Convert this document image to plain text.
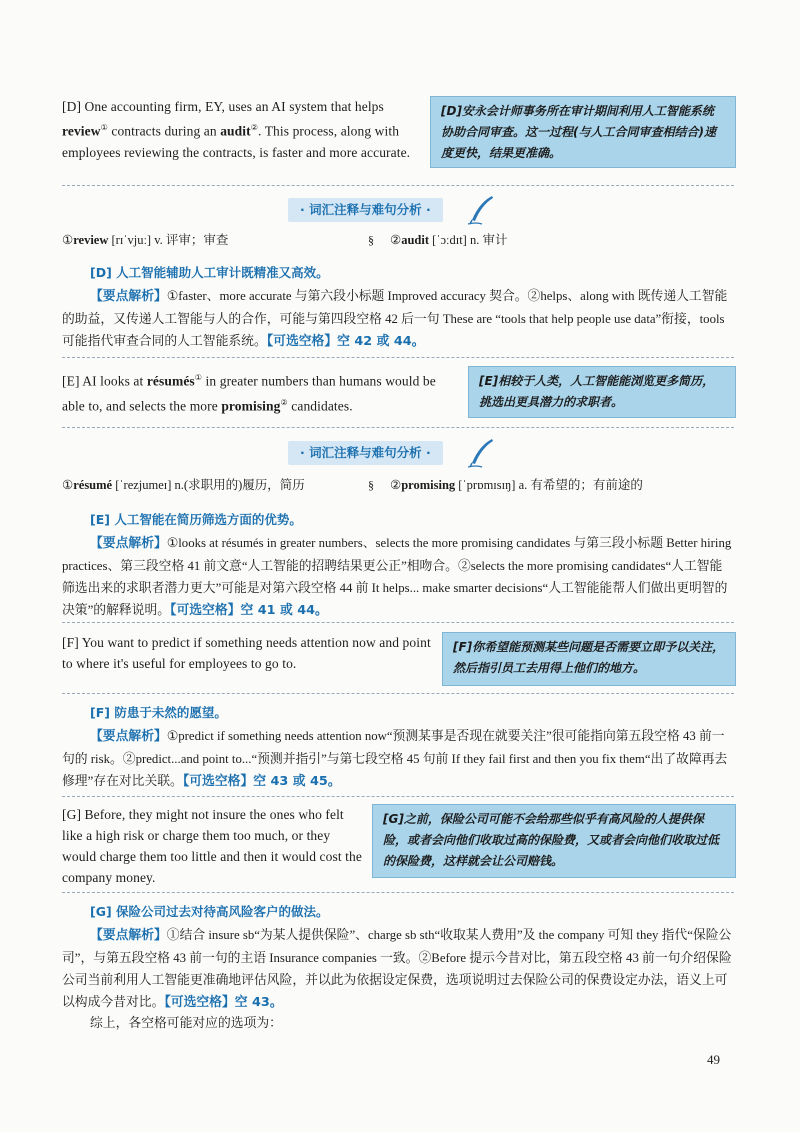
[D] One accounting firm, EY, uses an AI system that helps review① contracts during an audit②. This process, along with employees reviewing the contracts, is faster and more accurate.
[D]安永会计师事务所在审计期间利用人工智能系统协助合同审查。这一过程(与人工合同审查相结合)速度更快，结果更准确。
· 词汇注释与难句分析 ·
①review [rɪˈvjuː] v. 评审；审查	§ ②audit [ˈɔːdɪt] n. 审计
[D] 人工智能辅助人工审计既精准又高效。
【要点解析】①faster、more accurate 与第六段小标题 Improved accuracy 契合。②helps、along with 既传递人工智能的助益，又传递人工智能与人的合作，可能与第四段空格 42 后一句 These are “tools that help people use data”衔接，tools 可能指代审查合同的人工智能系统。【可选空格】空 42 或 44。
[E] AI looks at résumés① in greater numbers than humans would be able to, and selects the more promising② candidates.
[E]相较于人类，人工智能能浏览更多简历，挑选出更具潜力的求职者。
· 词汇注释与难句分析 ·
①résumé [ˈrezjumeɪ] n.(求职用的)履历，简历	§ ②promising [ˈprɒmɪsɪŋ] a. 有希望的；有前途的
[E] 人工智能在简历筛选方面的优势。
【要点解析】①looks at résumés in greater numbers、selects the more promising candidates 与第三段小标题 Better hiring practices、第三段空格 41 前文意“人工智能的招聘结果更公正”相吻合。②selects the more promising candidates“人工智能筛选出来的求职者潜力更大”可能是对第六段空格 44 前 It helps... make smarter decisions“人工智能能帮人们做出更明智的决策”的解释说明。【可选空格】空 41 或 44。
[F] You want to predict if something needs attention now and point to where it's useful for employees to go to.
[F]你希望能预测某些问题是否需要立即予以关注，然后指引员工去用得上他们的地方。
[F] 防患于未然的愿望。
【要点解析】①predict if something needs attention now“预测某事是否现在就要关注”很可能指向第五段空格 43 前一句的 risk。②predict...and point to...“预测并指引”与第七段空格 45 句前 If they fail first and then you fix them“出了故障再去修理”存在对比关联。【可选空格】空 43 或 45。
[G] Before, they might not insure the ones who felt like a high risk or charge them too much, or they would charge them too little and then it would cost the company money.
[G]之前，保险公司可能不会给那些似乎有高风险的人提供保险，或者会向他们收取过高的保险费，又或者会向他们收取过低的保险费，这样就会让公司赔钱。
[G] 保险公司过去对待高风险客户的做法。
【要点解析】①结合 insure sb“为某人提供保险”、charge sb sth“收取某人费用”及 the company 可知 they 指代“保险公司”，与第五段空格 43 前一句的主语 Insurance companies 一致。②Before 提示今昔对比，第五段空格 43 前一句介绍保险公司当前利用人工智能更准确地评估风险，并以此为依据设定保费，选项说明过去保险公司的保费设定办法，语义上可以构成今昔对比。【可选空格】空 43。
综上，各空格可能对应的选项为：
49
